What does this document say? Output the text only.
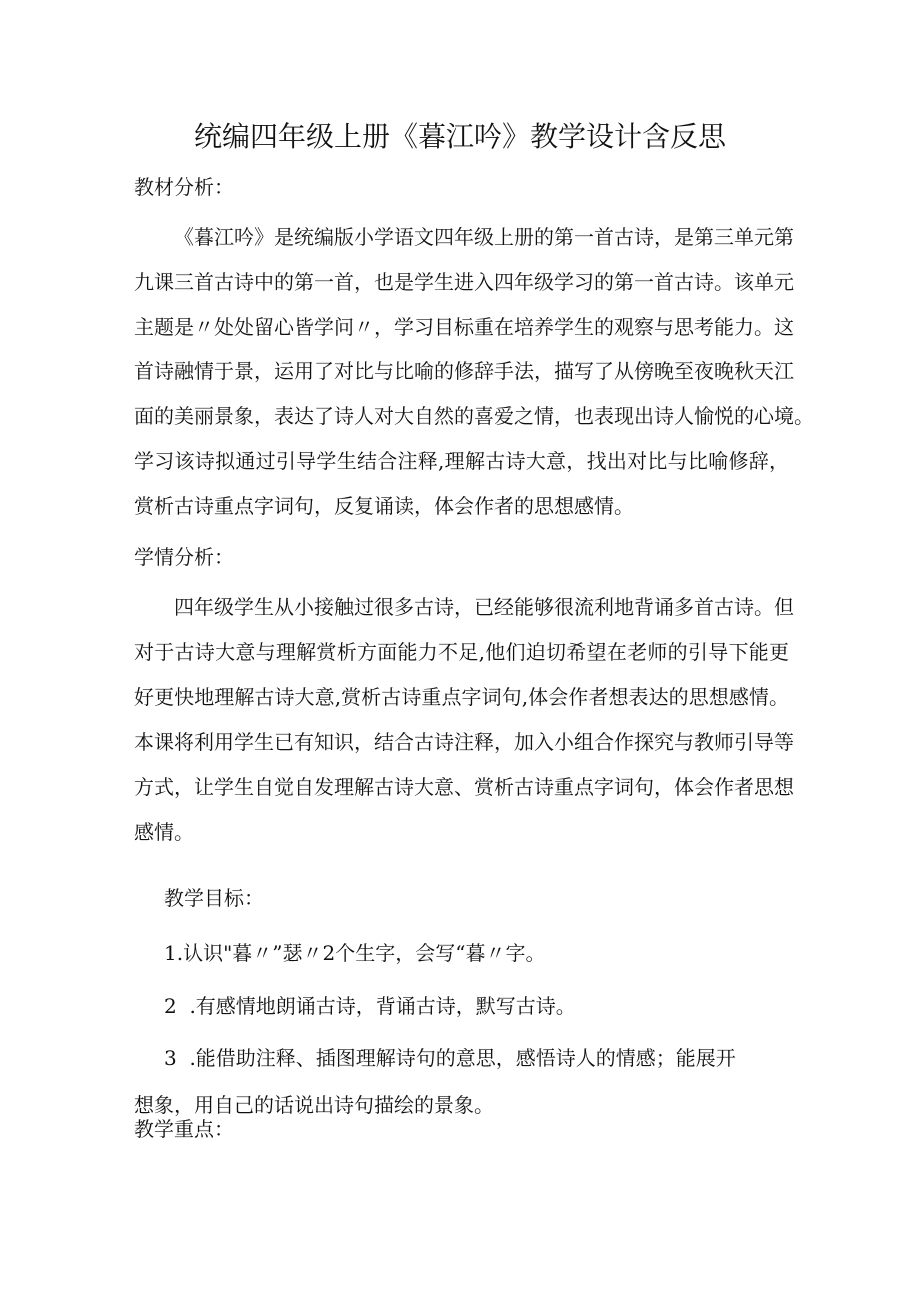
统编四年级上册《暮江吟》教学设计含反思
教材分析：
《暮江吟》是统编版小学语文四年级上册的第一首古诗，是第三单元第
九课三首古诗中的第一首，也是学生进入四年级学习的第一首古诗。该单元
主题是〃处处留心皆学问〃，学习目标重在培养学生的观察与思考能力。这
首诗融情于景，运用了对比与比喻的修辞手法，描写了从傍晚至夜晚秋天江
面的美丽景象，表达了诗人对大自然的喜爱之情，也表现出诗人愉悦的心境。
学习该诗拟通过引导学生结合注释,理解古诗大意，找出对比与比喻修辞，
赏析古诗重点字词句，反复诵读，体会作者的思想感情。
学情分析：
四年级学生从小接触过很多古诗，已经能够很流利地背诵多首古诗。但
对于古诗大意与理解赏析方面能力不足,他们迫切希望在老师的引导下能更
好更快地理解古诗大意,赏析古诗重点字词句,体会作者想表达的思想感情。
本课将利用学生已有知识，结合古诗注释，加入小组合作探究与教师引导等
方式，让学生自觉自发理解古诗大意、赏析古诗重点字词句，体会作者思想
感情。
教学目标：
1.认识"暮〃”瑟〃2个生字，会写“暮〃字。
2  .有感情地朗诵古诗，背诵古诗，默写古诗。
3  .能借助注释、插图理解诗句的意思，感悟诗人的情感；能展开
想象，用自己的话说出诗句描绘的景象。
教学重点：
